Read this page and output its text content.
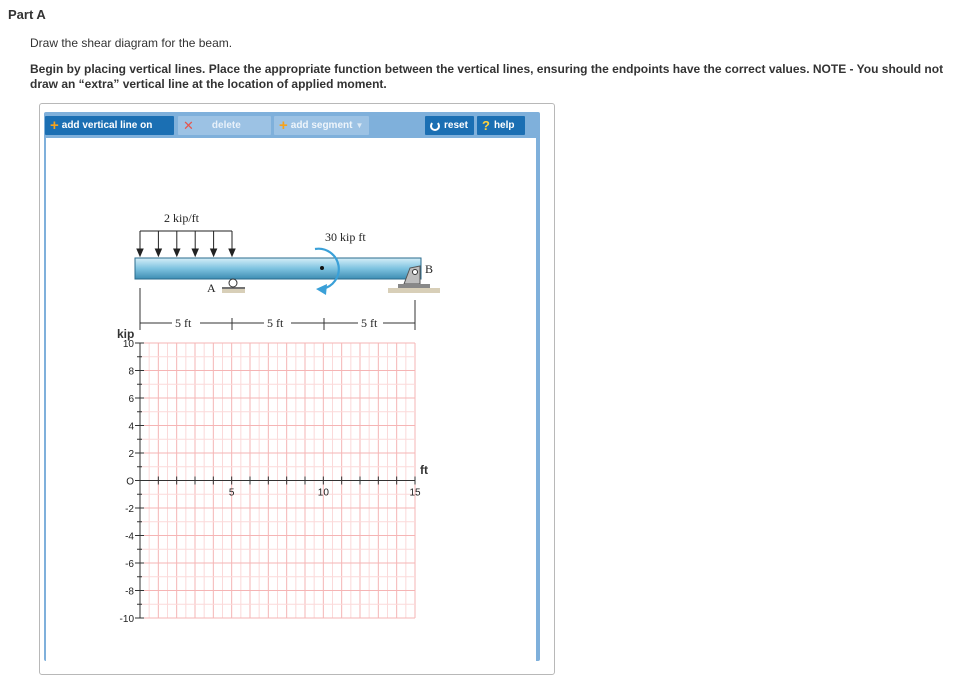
Part A
Draw the shear diagram for the beam.
Begin by placing vertical lines. Place the appropriate function between the vertical lines, ensuring the endpoints have the correct values. NOTE - You should not draw an “extra” vertical line at the location of applied moment.
+ add vertical line on ✕ delete	+ add segment ▼	reset ? help
2 kip/ft
30 kip ft
A
B
5 ft	5 ft	5 ft
kip
ft
10
8
6
4
2
O
-2
-4
-6
-8
-10
5	10	15
